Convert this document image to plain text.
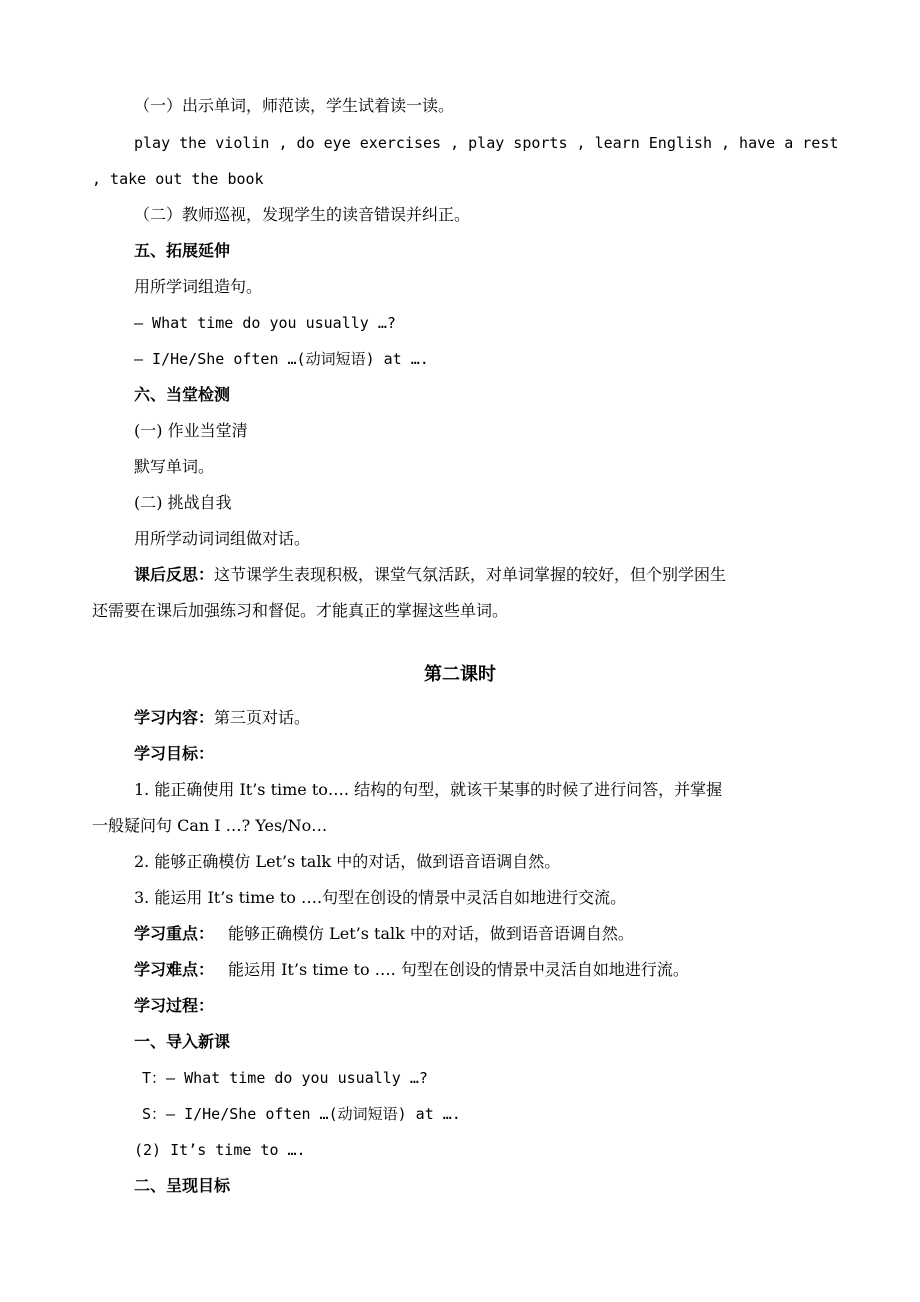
（一）出示单词，师范读，学生试着读一读。
play the violin , do eye exercises , play sports , learn English , have a rest
, take out the book
（二）教师巡视，发现学生的读音错误并纠正。
五、拓展延伸
用所学词组造句。
— What time do you usually …?
— I/He/She often …(动词短语) at ….
六、当堂检测
(一) 作业当堂清
默写单词。
(二) 挑战自我
用所学动词词组做对话。
课后反思：这节课学生表现积极，课堂气氛活跃，对单词掌握的较好，但个别学困生
还需要在课后加强练习和督促。才能真正的掌握这些单词。
第二课时
学习内容：第三页对话。
学习目标：
1. 能正确使用 It’s time to…. 结构的句型，就该干某事的时候了进行问答，并掌握
一般疑问句 Can I …? Yes/No…
2. 能够正确模仿 Let’s talk 中的对话，做到语音语调自然。
3. 能运用 It’s time to ….句型在创设的情景中灵活自如地进行交流。
学习重点： 能够正确模仿 Let’s talk 中的对话，做到语音语调自然。
学习难点： 能运用 It’s time to …. 句型在创设的情景中灵活自如地进行流。
学习过程：
一、导入新课
T：— What time do you usually …?
S：— I/He/She often …(动词短语) at ….
(2) It’s time to ….
二、呈现目标
